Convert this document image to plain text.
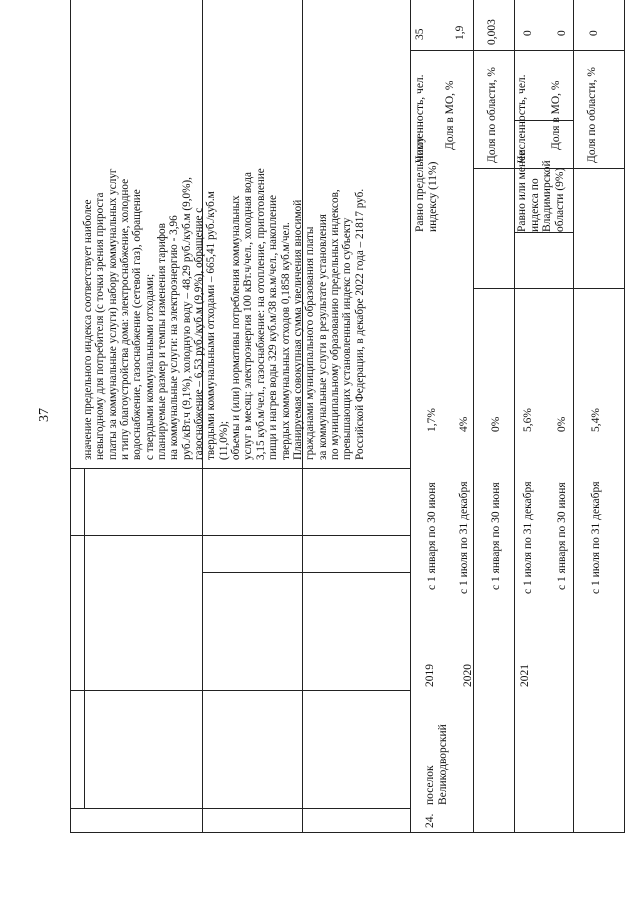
37
24.
поселок
Великодворский
2019 2020	2021
с 1 января по 30 июня с 1 июля по 31 декабря с 1 января по 30 июня с 1 июля по 31 декабря с 1 января по 30 июня с 1 июля по 31 декабря
1,7% 4% 0% 5,6% 0% 5,4%
значение предельного индекса соответствует наиболее
невыгодному для потребителя (с точки зрения прироста
платы за коммунальные услуги) набору коммунальных услуг
и типу благоустройства дома: электроснабжение, холодное
водоснабжение, газоснабжение (сетевой газ), обращение
с твердыми коммунальными отходами;
планируемые размер и темпы изменения тарифов
на коммунальные услуги: на электроэнергию - 3,96
руб./кВт.ч (9,1%), холодную воду – 48,29 руб./куб.м (9,0%),
газоснабжение – 6,53 руб./куб.м (9,9%), обращение с
твердыми коммунальными отходами – 665,41 руб./куб.м
(11,0%);
объемы и (или) нормативы потребления коммунальных
услуг в месяц: электроэнергия 100 кВт.ч/чел., холодная вода
3,15 куб.м/чел., газоснабжение: на отопление, приготовление
пищи и нагрев воды 329 куб.м/38 кв.м/чел., накопление
твердых коммунальных отходов 0,1858 куб.м/чел.
Планируемая совокупная сумма увеличения вносимой
гражданами муниципального образования платы
за коммунальные услуги в результате установления
по муниципальному образованию предельных индексов,
превышающих установленный индекс по субъекту
Российской Федерации, в декабре 2022 года – 21817 руб.
Равно предельному
индексу (11%)
Равно или менее
индекса по
Владимирской
области (9%)
Численность, чел. Доля в МО, %	Доля по области, % Численность, чел. Доля в МО, % Доля по области, %
35 1,9 0,003 0 0 0
